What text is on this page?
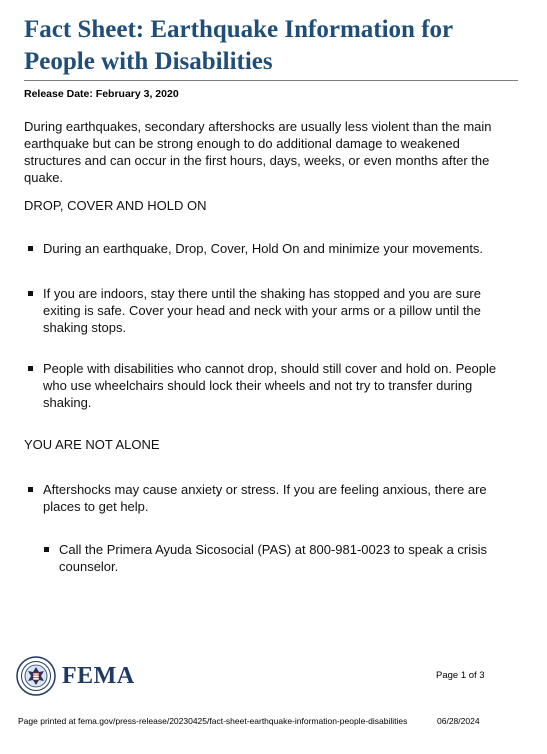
Fact Sheet: Earthquake Information for People with Disabilities
Release Date: February 3, 2020
During earthquakes, secondary aftershocks are usually less violent than the main earthquake but can be strong enough to do additional damage to weakened structures and can occur in the first hours, days, weeks, or even months after the quake.
DROP, COVER AND HOLD ON
During an earthquake, Drop, Cover, Hold On and minimize your movements.
If you are indoors, stay there until the shaking has stopped and you are sure exiting is safe. Cover your head and neck with your arms or a pillow until the shaking stops.
People with disabilities who cannot drop, should still cover and hold on. People who use wheelchairs should lock their wheels and not try to transfer during shaking.
YOU ARE NOT ALONE
Aftershocks may cause anxiety or stress. If you are feeling anxious, there are places to get help.
Call the Primera Ayuda Sicosocial (PAS) at 800-981-0023 to speak a crisis counselor.
FEMA	Page 1 of 3
Page printed at fema.gov/press-release/20230425/fact-sheet-earthquake-information-people-disabilities	06/28/2024
